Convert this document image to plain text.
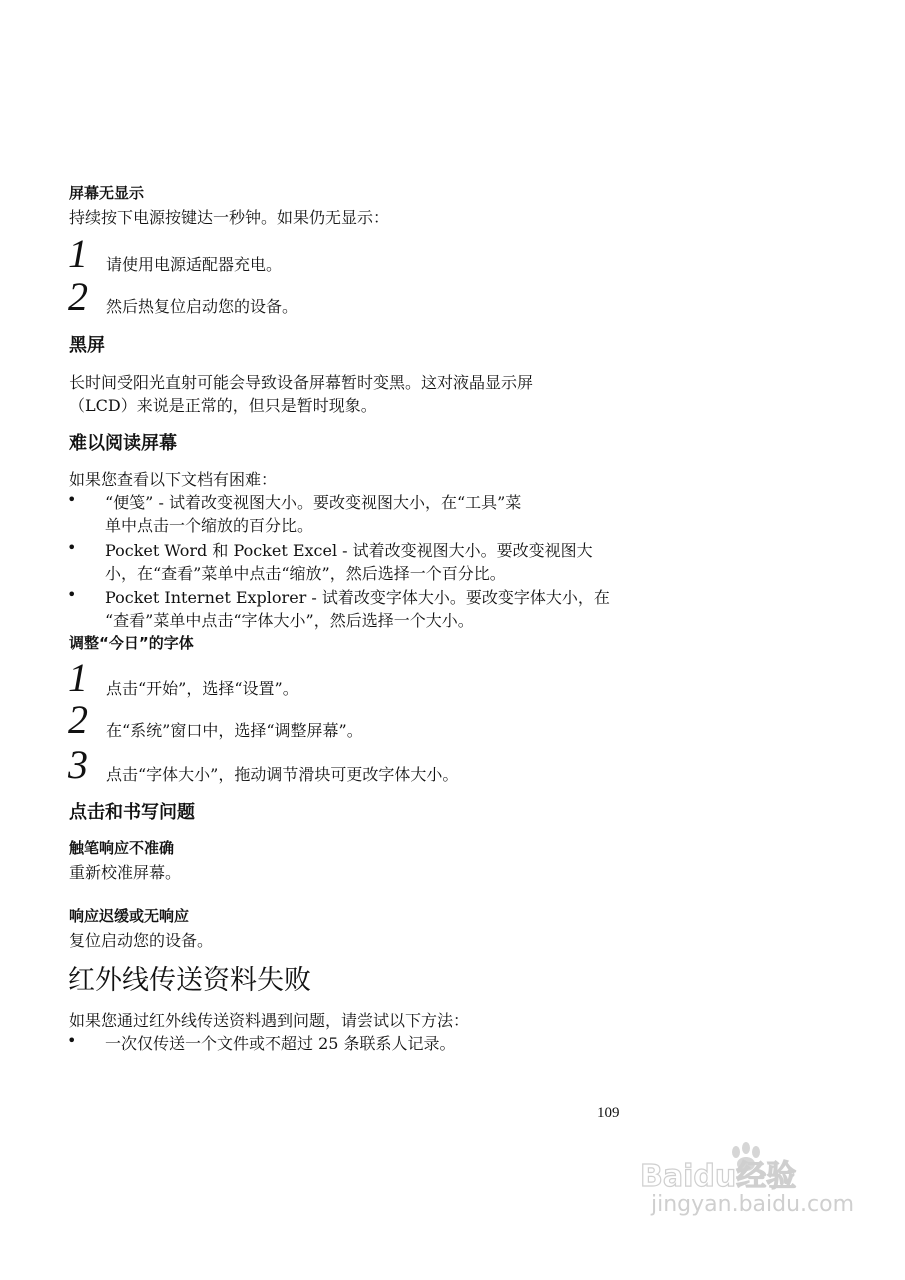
屏幕无显示
持续按下电源按键达一秒钟。如果仍无显示：
1 请使用电源适配器充电。
2 然后热复位启动您的设备。
黑屏
长时间受阳光直射可能会导致设备屏幕暂时变黑。这对液晶显示屏
（LCD）来说是正常的，但只是暂时现象。
难以阅读屏幕
如果您查看以下文档有困难：
• “便笺” - 试着改变视图大小。要改变视图大小，在“工具”菜
单中点击一个缩放的百分比。
• Pocket Word 和 Pocket Excel - 试着改变视图大小。要改变视图大
小，在“查看”菜单中点击“缩放”，然后选择一个百分比。
• Pocket Internet Explorer - 试着改变字体大小。要改变字体大小，在
“查看”菜单中点击“字体大小”，然后选择一个大小。
调整“今日”的字体
1 点击“开始”，选择“设置”。
2 在“系统”窗口中，选择“调整屏幕”。
3 点击“字体大小”，拖动调节滑块可更改字体大小。
点击和书写问题
触笔响应不准确
重新校准屏幕。
响应迟缓或无响应
复位启动您的设备。
红外线传送资料失败
如果您通过红外线传送资料遇到问题，请尝试以下方法：
• 一次仅传送一个文件或不超过 25 条联系人记录。
109
Baidu经验
jingyan.baidu.com
